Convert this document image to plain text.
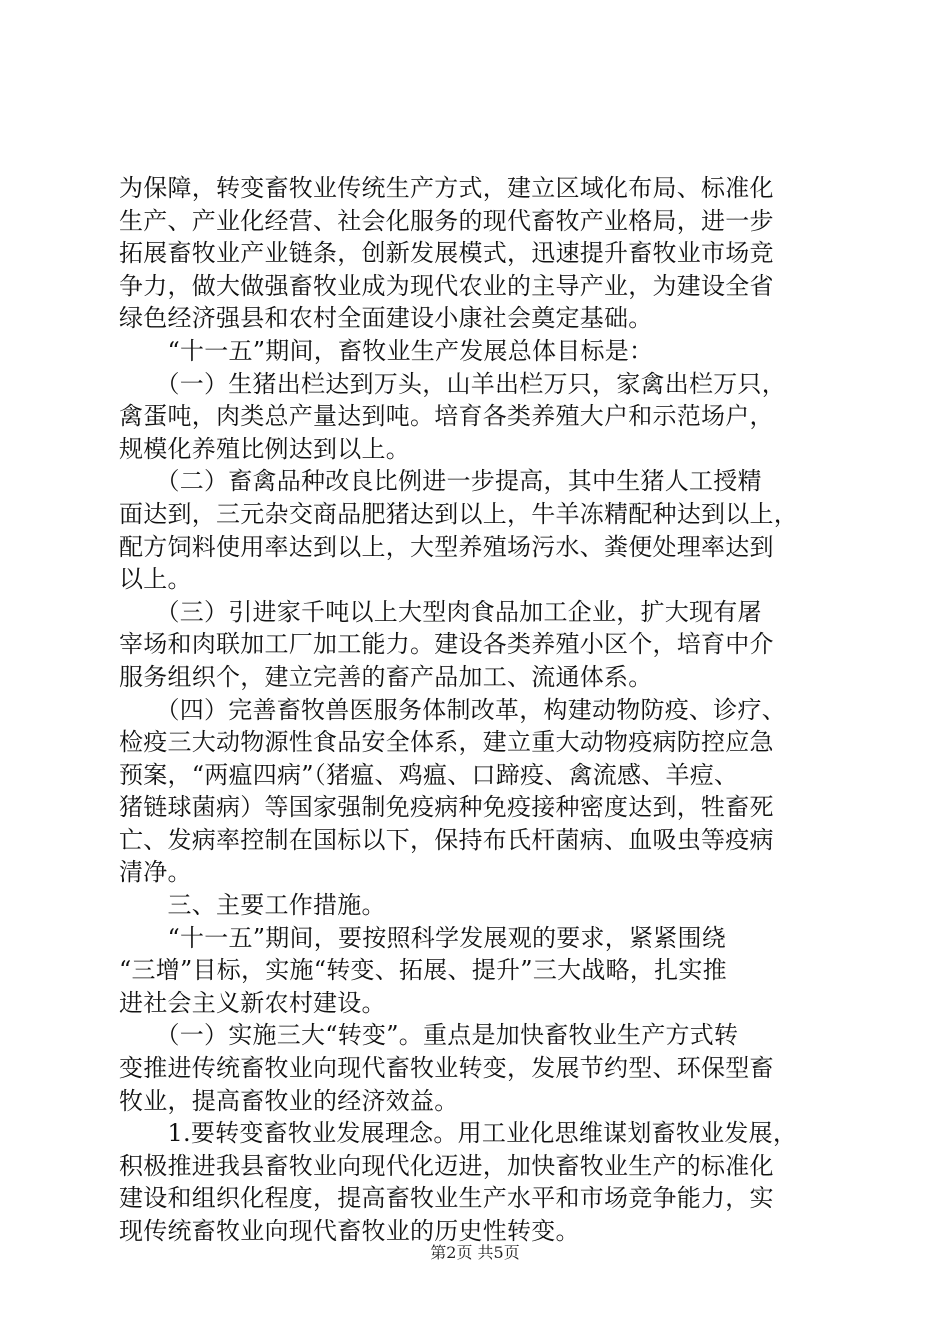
为保障，转变畜牧业传统生产方式，建立区域化布局、标准化
生产、产业化经营、社会化服务的现代畜牧产业格局，进一步
拓展畜牧业产业链条，创新发展模式，迅速提升畜牧业市场竞
争力，做大做强畜牧业成为现代农业的主导产业，为建设全省
绿色经济强县和农村全面建设小康社会奠定基础。
　　“十一五”期间，畜牧业生产发展总体目标是：
　　（一）生猪出栏达到万头，山羊出栏万只，家禽出栏万只，
禽蛋吨，肉类总产量达到吨。培育各类养殖大户和示范场户，
规模化养殖比例达到以上。
　　（二）畜禽品种改良比例进一步提高，其中生猪人工授精
面达到，三元杂交商品肥猪达到以上，牛羊冻精配种达到以上，
配方饲料使用率达到以上，大型养殖场污水、粪便处理率达到
以上。
　　（三）引进家千吨以上大型肉食品加工企业，扩大现有屠
宰场和肉联加工厂加工能力。建设各类养殖小区个，培育中介
服务组织个，建立完善的畜产品加工、流通体系。
　　（四）完善畜牧兽医服务体制改革，构建动物防疫、诊疗、
检疫三大动物源性食品安全体系，建立重大动物疫病防控应急
预案，“两瘟四病”（猪瘟、鸡瘟、口蹄疫、禽流感、羊痘、
猪链球菌病）等国家强制免疫病种免疫接种密度达到，牲畜死
亡、发病率控制在国标以下，保持布氏杆菌病、血吸虫等疫病
清净。
　　三、主要工作措施。
　　“十一五”期间，要按照科学发展观的要求，紧紧围绕
“三增”目标，实施“转变、拓展、提升”三大战略，扎实推
进社会主义新农村建设。
　　（一）实施三大“转变”。重点是加快畜牧业生产方式转
变推进传统畜牧业向现代畜牧业转变，发展节约型、环保型畜
牧业，提高畜牧业的经济效益。
　　1.要转变畜牧业发展理念。用工业化思维谋划畜牧业发展，
积极推进我县畜牧业向现代化迈进，加快畜牧业生产的标准化
建设和组织化程度，提高畜牧业生产水平和市场竞争能力，实
现传统畜牧业向现代畜牧业的历史性转变。
第2页 共5页
